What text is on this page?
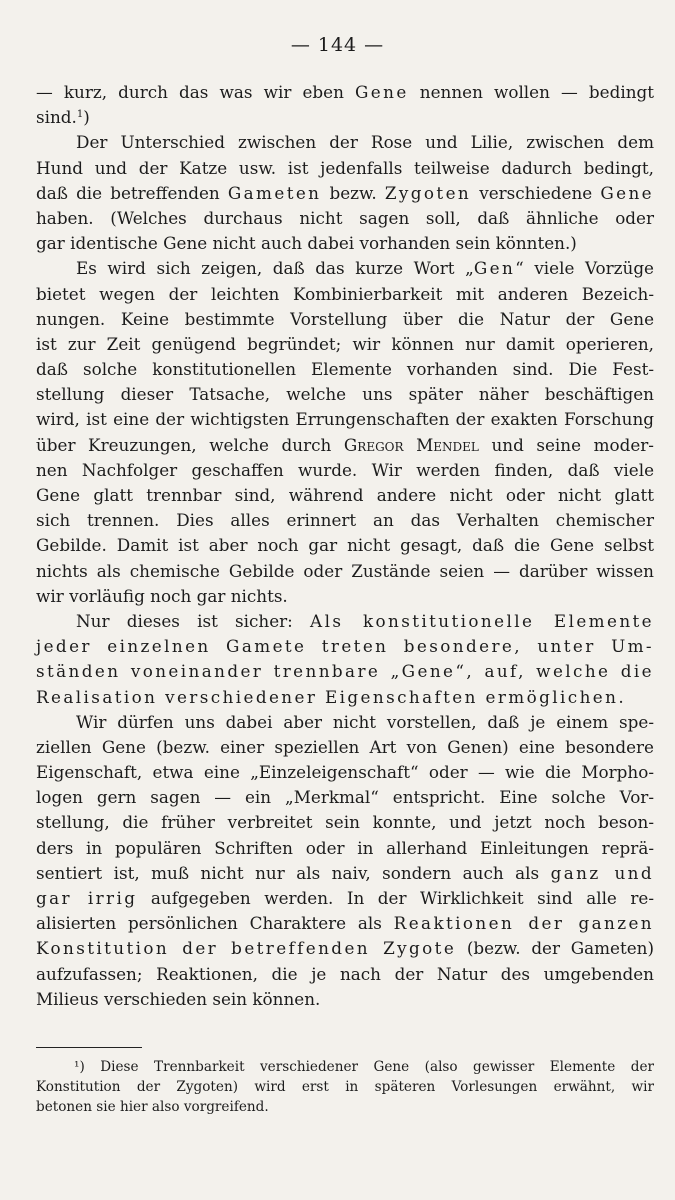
— 144 —
— kurz, durch das was wir eben Gene nennen wollen — bedingt
sind.$^1$)
Der Unterschied zwischen der Rose und Lilie, zwischen dem
Hund und der Katze usw. ist jedenfalls teilweise dadurch bedingt,
daß die betreffenden Gameten bezw. Zygoten verschiedene Gene
haben. (Welches durchaus nicht sagen soll, daß ähnliche oder
gar identische Gene nicht auch dabei vorhanden sein könnten.)
Es wird sich zeigen, daß das kurze Wort „Gen“ viele Vorzüge
bietet wegen der leichten Kombinierbarkeit mit anderen Bezeich-
nungen. Keine bestimmte Vorstellung über die Natur der Gene
ist zur Zeit genügend begründet; wir können nur damit operieren,
daß solche konstitutionellen Elemente vorhanden sind. Die Fest-
stellung dieser Tatsache, welche uns später näher beschäftigen
wird, ist eine der wichtigsten Errungenschaften der exakten Forschung
über Kreuzungen, welche durch Gregor Mendel und seine moder-
nen Nachfolger geschaffen wurde. Wir werden finden, daß viele
Gene glatt trennbar sind, während andere nicht oder nicht glatt
sich trennen. Dies alles erinnert an das Verhalten chemischer
Gebilde. Damit ist aber noch gar nicht gesagt, daß die Gene selbst
nichts als chemische Gebilde oder Zustände seien — darüber wissen
wir vorläufig noch gar nichts.
Nur dieses ist sicher: Als konstitutionelle Elemente
jeder einzelnen Gamete treten besondere, unter Um-
ständen voneinander trennbare „Gene“, auf, welche die
Realisation verschiedener Eigenschaften ermöglichen.
Wir dürfen uns dabei aber nicht vorstellen, daß je einem spe-
ziellen Gene (bezw. einer speziellen Art von Genen) eine besondere
Eigenschaft, etwa eine „Einzeleigenschaft“ oder — wie die Morpho-
logen gern sagen — ein „Merkmal“ entspricht. Eine solche Vor-
stellung, die früher verbreitet sein konnte, und jetzt noch beson-
ders in populären Schriften oder in allerhand Einleitungen reprä-
sentiert ist, muß nicht nur als naiv, sondern auch als ganz und
gar irrig aufgegeben werden. In der Wirklichkeit sind alle re-
alisierten persönlichen Charaktere als Reaktionen der ganzen
Konstitution der betreffenden Zygote (bezw. der Gameten)
aufzufassen; Reaktionen, die je nach der Natur des umgebenden
Milieus verschieden sein können.
¹) Diese Trennbarkeit verschiedener Gene (also gewisser Elemente der
Konstitution der Zygoten) wird erst in späteren Vorlesungen erwähnt, wir
betonen sie hier also vorgreifend.
